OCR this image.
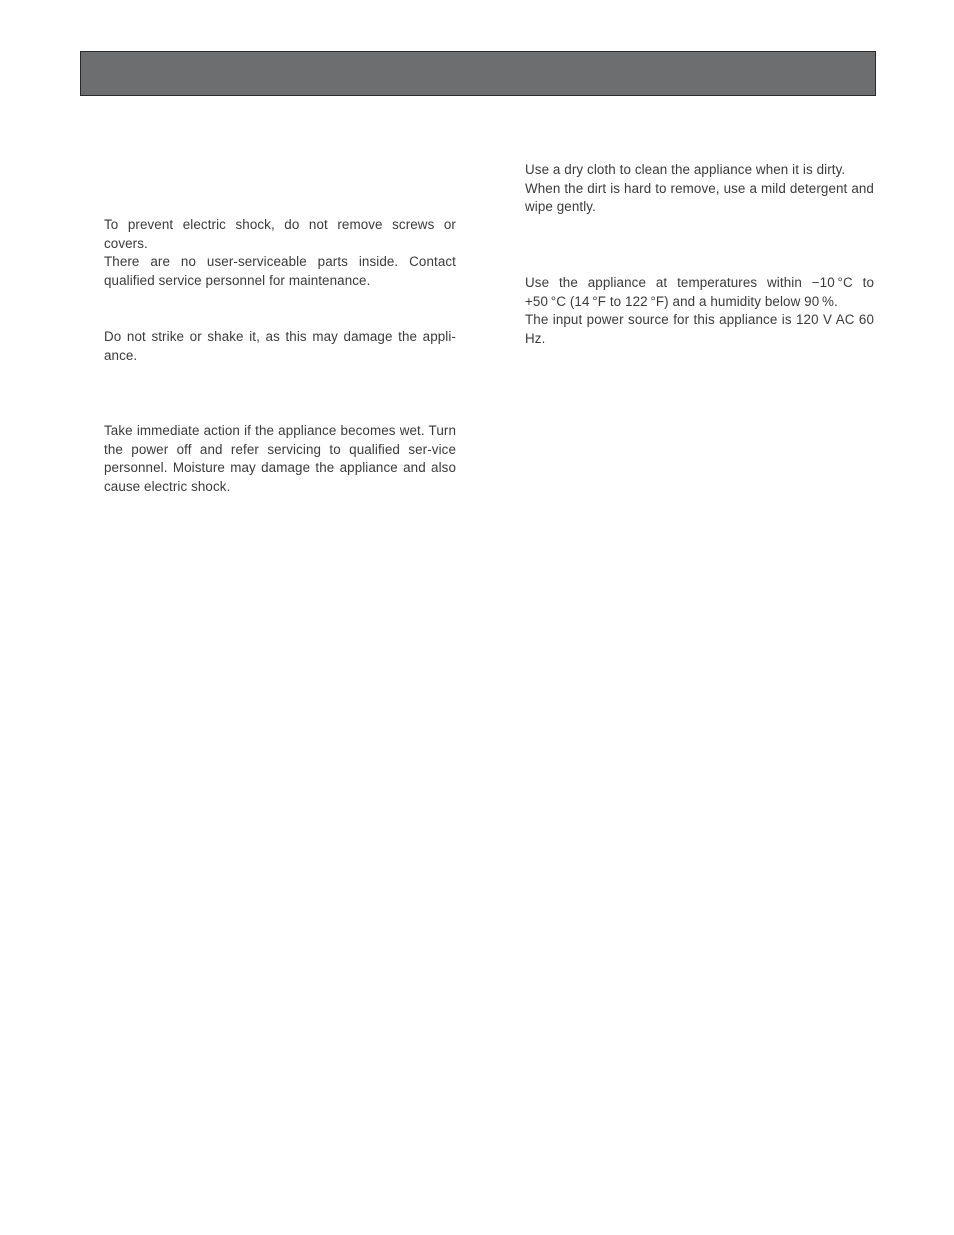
To prevent electric shock, do not remove screws or covers.

There are no user-serviceable parts inside. Contact qualified service personnel for maintenance.

Do not strike or shake it, as this may damage the appli-ance.

Take immediate action if the appliance becomes wet. Turn the power off and refer servicing to qualified ser-vice personnel. Moisture may damage the appliance and also cause electric shock.

Use a dry cloth to clean the appliance when it is dirty.

When the dirt is hard to remove, use a mild detergent and wipe gently.

Use the appliance at temperatures within −10 °C to +50 °C (14 °F to 122 °F) and a humidity below 90 %.

The input power source for this appliance is 120 V AC 60 Hz.
